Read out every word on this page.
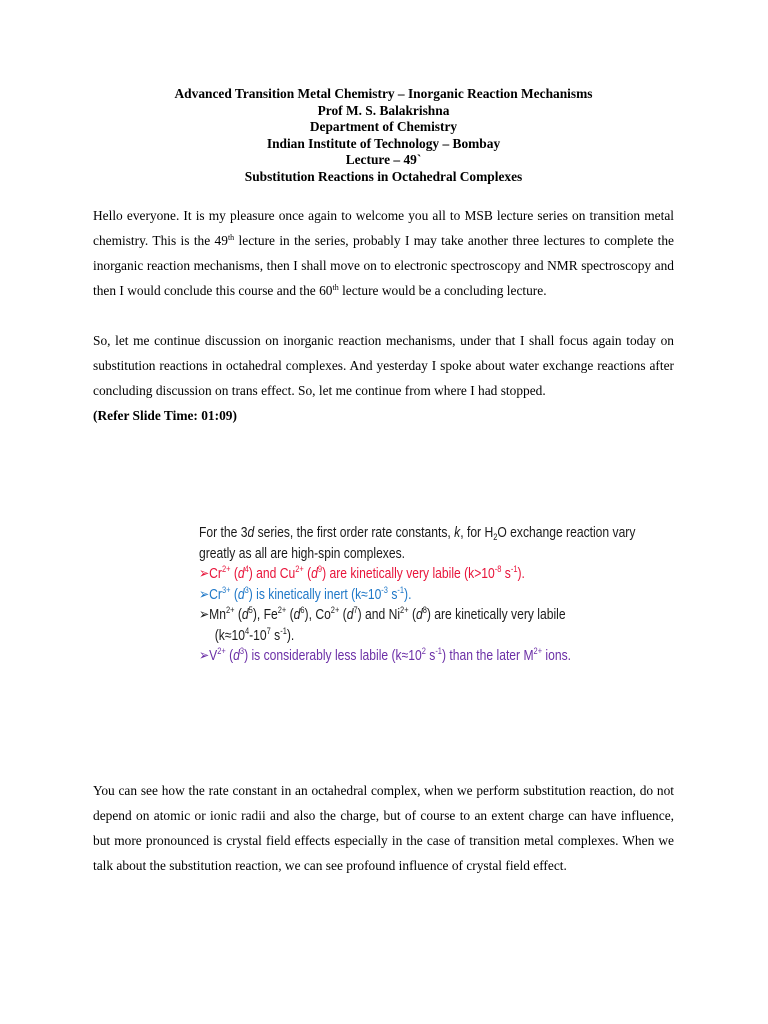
Advanced Transition Metal Chemistry – Inorganic Reaction Mechanisms
Prof M. S. Balakrishna
Department of Chemistry
Indian Institute of Technology – Bombay
Lecture – 49`
Substitution Reactions in Octahedral Complexes

Hello everyone. It is my pleasure once again to welcome you all to MSB lecture series on transition metal chemistry. This is the 49th lecture in the series, probably I may take another three lectures to complete the inorganic reaction mechanisms, then I shall move on to electronic spectroscopy and NMR spectroscopy and then I would conclude this course and the 60th lecture would be a concluding lecture.

So, let me continue discussion on inorganic reaction mechanisms, under that I shall focus again today on substitution reactions in octahedral complexes. And yesterday I spoke about water exchange reactions after concluding discussion on trans effect. So, let me continue from where I had stopped.

(Refer Slide Time: 01:09)

For the 3d series, the first order rate constants, k, for $H_2O$ exchange reaction vary

greatly as all are high-spin complexes.

$➢Cr^{2+}$ $(d^4)$ and $Cu^{2+}$ $(d^9)$ are kinetically very labile ($k>10^{-8}$ $s^{-1}$).

$➢Cr^{3+}$ $(d^3)$ is kinetically inert ($k\approx 10^{-3}$ $s^{-1}$).

$➢Mn^{2+}$ $(d^5)$, $Fe^{2+}$ $(d^6)$, $Co^{2+}$ $(d^7)$ and $Ni^{2+}$ $(d^8)$ are kinetically very labile

($k\approx 10^4-10^7$ $s^{-1}$).

$➢V^{2+}$ $(d^3)$ is considerably less labile ($k\approx 10^2$ $s^{-1}$) than the later $M^{2+}$ ions.

You can see how the rate constant in an octahedral complex, when we perform substitution reaction, do not depend on atomic or ionic radii and also the charge, but of course to an extent charge can have influence, but more pronounced is crystal field effects especially in the case of transition metal complexes. When we talk about the substitution reaction, we can see profound influence of crystal field effect.
